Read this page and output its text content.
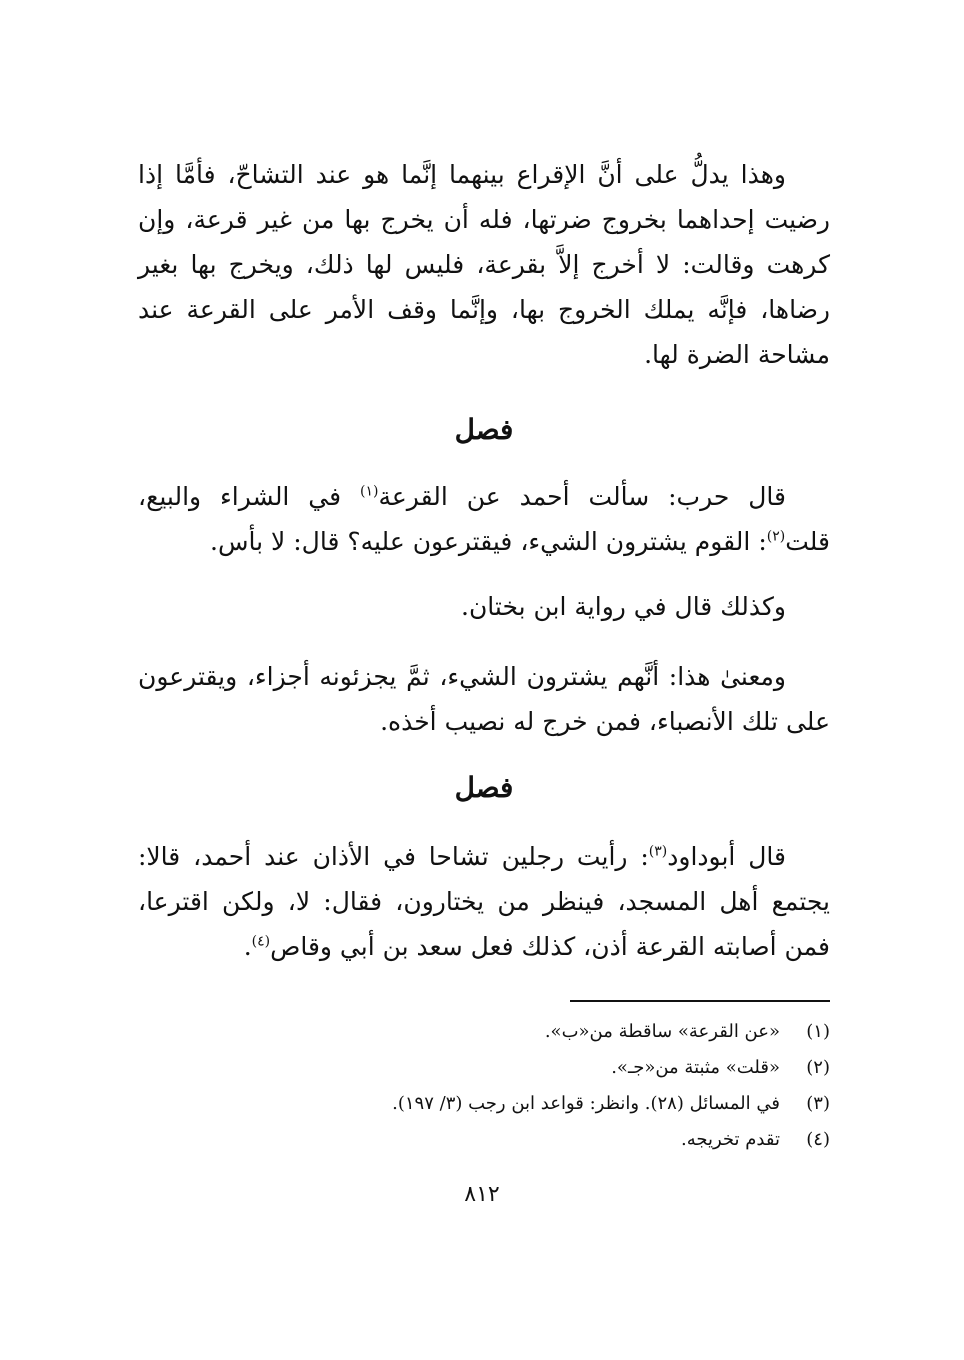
وهذا يدلُّ على أنَّ الإقراع بينهما إنَّما هو عند التشاحّ، فأمَّا إذا
رضيت إحداهما بخروج ضرتها، فله أن يخرج بها من غير قرعة، وإن
كرهت وقالت: لا أخرج إلاَّ بقرعة، فليس لها ذلك، ويخرج بها بغير
رضاها، فإنَّه يملك الخروج بها، وإنَّما وقف الأمر على القرعة عند
مشاحة الضرة لها.

فصل

قال حرب: سألت أحمد عن القرعة$^{(١)}$ في الشراء والبيع،
قلت$^{(٢)}$: القوم يشترون الشيء، فيقترعون عليه؟ قال: لا بأس.

وكذلك قال في رواية ابن بختان.

ومعنىٰ هذا: أنَّهم يشترون الشيء، ثمَّ يجزئونه أجزاء، ويقترعون
على تلك الأنصباء، فمن خرج له نصيب أخذه.

فصل

قال أبوداود$^{(٣)}$: رأيت رجلين تشاحا في الأذان عند أحمد، قالا:
يجتمع أهل المسجد، فينظر من يختارون، فقال: لا، ولكن اقترعا،
فمن أصابته القرعة أذن، كذلك فعل سعد بن أبي وقاص$^{(٤)}$.

(١)«عن القرعة» ساقطة من«ب».
(٢)«قلت» مثبتة من«جـ».
(٣)في المسائل (٢٨). وانظر: قواعد ابن رجب (٣/ ١٩٧).
(٤)تقدم تخريجه.
٨١٢
